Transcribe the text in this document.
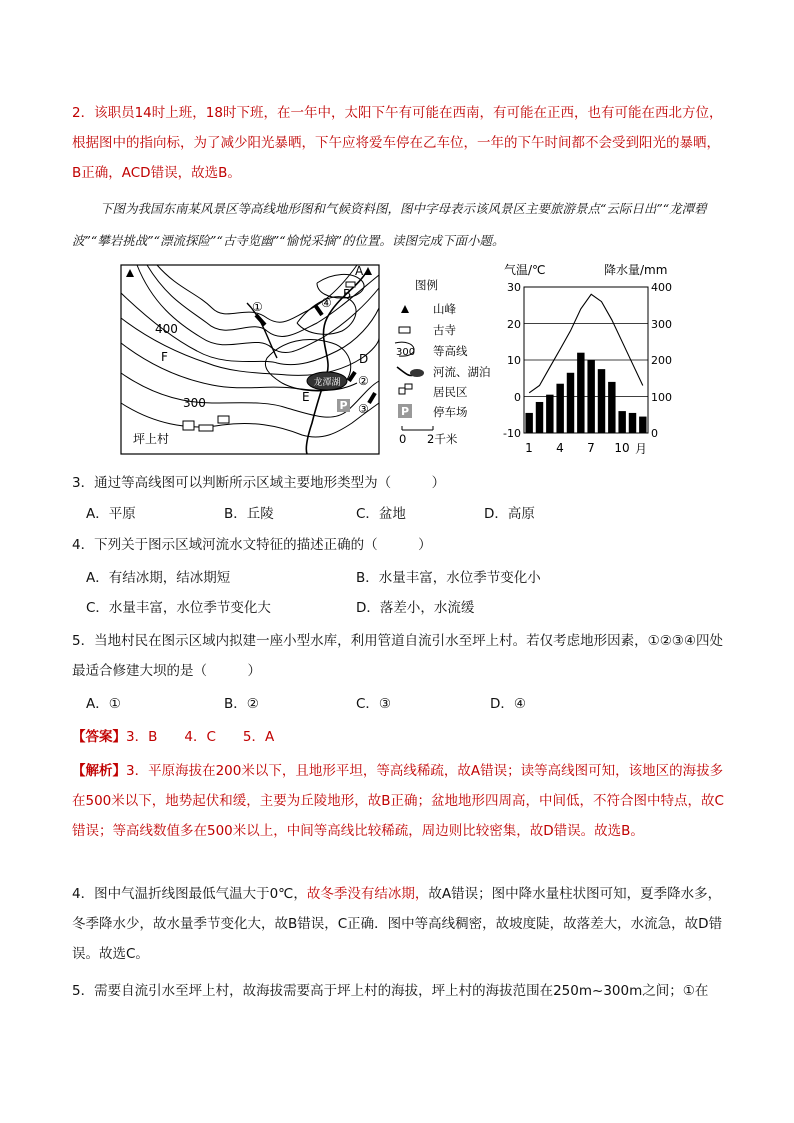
2．该职员14时上班，18时下班，在一年中，太阳下午有可能在西南，有可能在正西，也有可能在西北方位，根据图中的指向标，为了减少阳光暴晒，下午应将爱车停在乙车位，一年的下午时间都不会受到阳光的暴晒，B正确，ACD错误，故选B。

下图为我国东南某风景区等高线地形图和气候资料图，图中字母表示该风景区主要旅游景点“云际日出”“龙潭碧波”“攀岩挑战”“漂流探险”“古寺览幽”“愉悦采摘”的位置。读图完成下面小题。

龙潭湖
P
A
B
D
E
F
400
300
坪上村
①
②
③
④
图例
山峰
古寺
300 等高线
河流、湖泊
居民区
P 停车场
0 2千米
气温/℃	降水量/mm
30
20
10
0
-10
400
300
200
100
0
1 4 7 10 月

3．通过等高线图可以判断所示区域主要地形类型为（　　　）

A．平原	B．丘陵	C．盆地	D．高原

4．下列关于图示区域河流水文特征的描述正确的（　　　）

A．有结冰期，结冰期短	B．水量丰富，水位季节变化小
C．水量丰富，水位季节变化大	D．落差小，水流缓

5．当地村民在图示区域内拟建一座小型水库，利用管道自流引水至坪上村。若仅考虑地形因素，①②③④四处最适合修建大坝的是（　　　）

A．①	B．②	C．③	D．④

【答案】3．B　　4．C　　5．A

【解析】3．平原海拔在200米以下，且地形平坦，等高线稀疏，故A错误；读等高线图可知，该地区的海拔多在500米以下，地势起伏和缓，主要为丘陵地形，故B正确；盆地地形四周高，中间低，不符合图中特点，故C错误；等高线数值多在500米以上，中间等高线比较稀疏，周边则比较密集，故D错误。故选B。

4．图中气温折线图最低气温大于0℃，故冬季没有结冰期，故A错误；图中降水量柱状图可知，夏季降水多，冬季降水少，故水量季节变化大，故B错误，C正确．图中等高线稠密，故坡度陡，故落差大，水流急，故D错误。故选C。

5．需要自流引水至坪上村，故海拔需要高于坪上村的海拔，坪上村的海拔范围在250m~300m之间；①在
